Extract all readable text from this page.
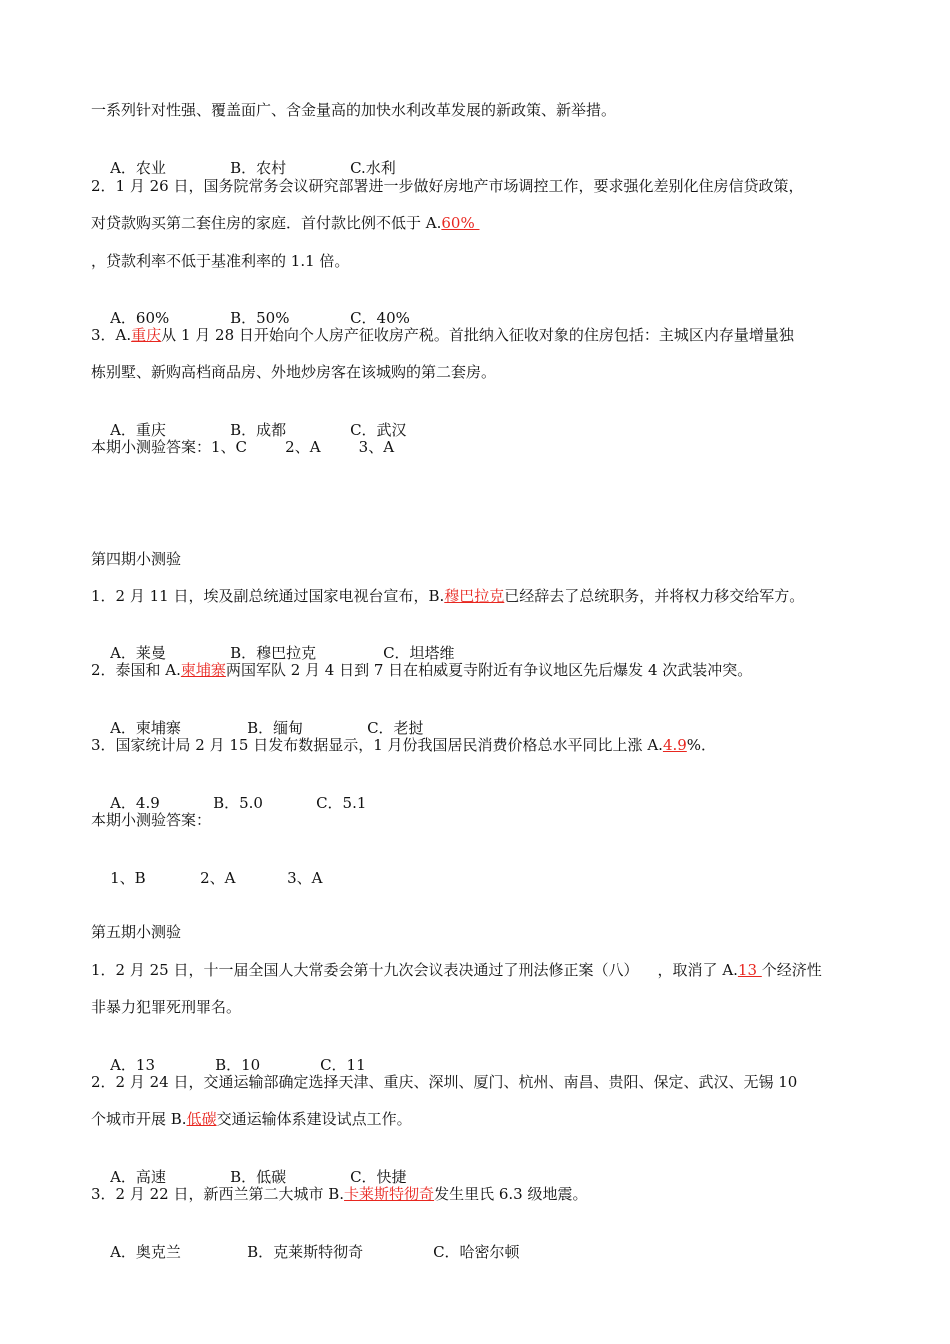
一系列针对性强、覆盖面广、含金量高的加快水利改革发展的新政策、新举措。

A．农业	B．农村	C.水利

2．1 月 26 日，国务院常务会议研究部署进一步做好房地产市场调控工作，要求强化差别化住房信贷政策，
对贷款购买第二套住房的家庭．首付款比例不低于 A.60%
，贷款利率不低于基准利率的 1.1 倍。

A．60%	B．50%	C．40%

3．A.重庆从 1 月 28 日开始向个人房产征收房产税。首批纳入征收对象的住房包括：主城区内存量增量独
栋别墅、新购高档商品房、外地炒房客在该城购的第二套房。

A．重庆	B．成都	C．武汉

本期小测验答案：1、C        2、A        3、A
第四期小测验
1．2 月 11 日，埃及副总统通过国家电视台宣布，B.穆巴拉克已经辞去了总统职务，并将权力移交给军方。

A．莱曼	B．穆巴拉克	C．坦塔维

2．泰国和 A.柬埔寨两国军队 2 月 4 日到 7 日在柏威夏寺附近有争议地区先后爆发 4 次武装冲突。

A．柬埔寨	B．缅甸	C．老挝

3．国家统计局 2 月 15 日发布数据显示，1 月份我国居民消费价格总水平同比上涨 A.4.9%．

A．4.9	B．5.0	C．5.1

本期小测验答案：

1、B	2、A	3、A

第五期小测验
1．2 月 25 日，十一届全国人大常委会第十九次会议表决通过了刑法修正案（八）    ，取消了 A.13 个经济性
非暴力犯罪死刑罪名。

A．13	B．10	C．11

2．2 月 24 日，交通运输部确定选择天津、重庆、深圳、厦门、杭州、南昌、贵阳、保定、武汉、无锡 10
个城市开展 B.低碳交通运输体系建设试点工作。

A．高速	B．低碳	C．快捷

3．2 月 22 日，新西兰第二大城市 B.卡莱斯特彻奇发生里氏 6.3 级地震。

A．奥克兰	B．克莱斯特彻奇	C．哈密尔顿
